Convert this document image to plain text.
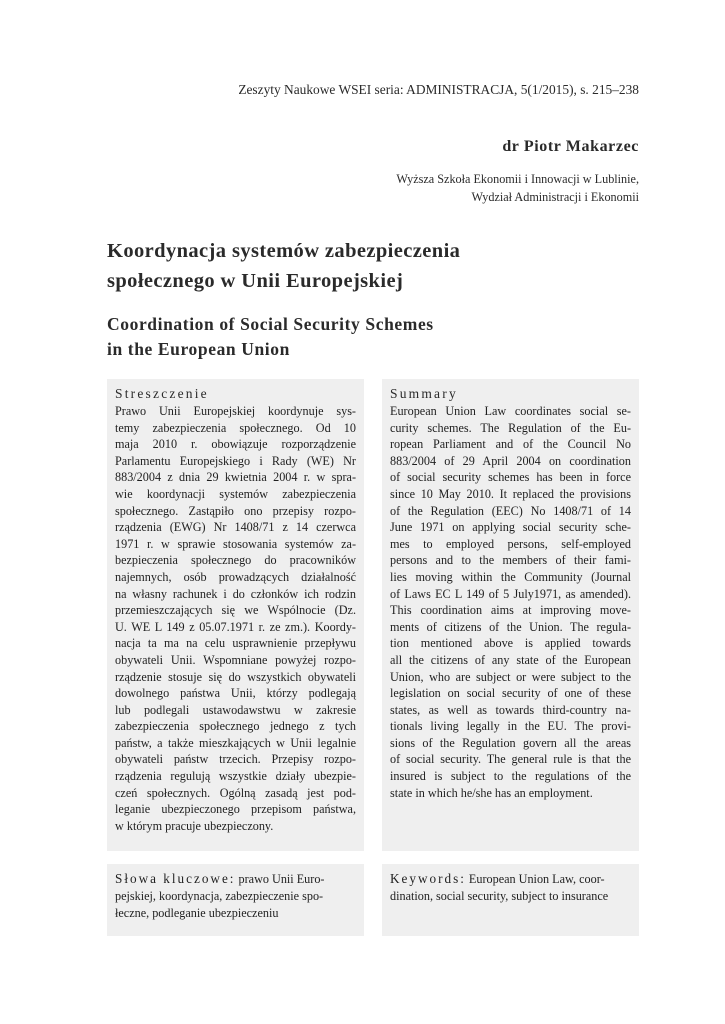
Zeszyty Naukowe WSEI seria: ADMINISTRACJA, 5(1/2015), s. 215–238
dr Piotr Makarzec
Wyższa Szkoła Ekonomii i Innowacji w Lublinie,
Wydział Administracji i Ekonomii
Koordynacja systemów zabezpieczenia
społecznego w Unii Europejskiej
Coordination of Social Security Schemes
in the European Union
Streszczenie
Prawo Unii Europejskiej koordynuje sys-
temy zabezpieczenia społecznego. Od 10
maja 2010 r. obowiązuje rozporządzenie
Parlamentu Europejskiego i Rady (WE) Nr
883/2004 z dnia 29 kwietnia 2004 r. w spra-
wie koordynacji systemów zabezpieczenia
społecznego. Zastąpiło ono przepisy rozpo-
rządzenia (EWG) Nr 1408/71 z 14 czerwca
1971 r. w sprawie stosowania systemów za-
bezpieczenia społecznego do pracowników
najemnych, osób prowadzących działalność
na własny rachunek i do członków ich rodzin
przemieszczających się we Wspólnocie (Dz.
U. WE L 149 z 05.07.1971 r. ze zm.). Koordy-
nacja ta ma na celu usprawnienie przepływu
obywateli Unii. Wspomniane powyżej rozpo-
rządzenie stosuje się do wszystkich obywateli
dowolnego państwa Unii, którzy podlegają
lub podlegali ustawodawstwu w zakresie
zabezpieczenia społecznego jednego z tych
państw, a także mieszkających w Unii legalnie
obywateli państw trzecich. Przepisy rozpo-
rządzenia regulują wszystkie działy ubezpie-
czeń społecznych. Ogólną zasadą jest pod-
leganie ubezpieczonego przepisom państwa,
w którym pracuje ubezpieczony.
Summary
European Union Law coordinates social se-
curity schemes. The Regulation of the Eu-
ropean Parliament and of the Council No
883/2004 of 29 April 2004 on coordination
of social security schemes has been in force
since 10 May 2010. It replaced the provisions
of the Regulation (EEC) No 1408/71 of 14
June 1971 on applying social security sche-
mes to employed persons, self-employed
persons and to the members of their fami-
lies moving within the Community (Journal
of Laws EC L 149 of 5 July1971, as amended).
This coordination aims at improving move-
ments of citizens of the Union. The regula-
tion mentioned above is applied towards
all the citizens of any state of the European
Union, who are subject or were subject to the
legislation on social security of one of these
states, as well as towards third-country na-
tionals living legally in the EU. The provi-
sions of the Regulation govern all the areas
of social security. The general rule is that the
insured is subject to the regulations of the
state in which he/she has an employment.
Słowa kluczowe: prawo Unii Euro-
pejskiej, koordynacja, zabezpieczenie spo-
łeczne, podleganie ubezpieczeniu
Keywords: European Union Law, coor-
dination, social security, subject to insurance
